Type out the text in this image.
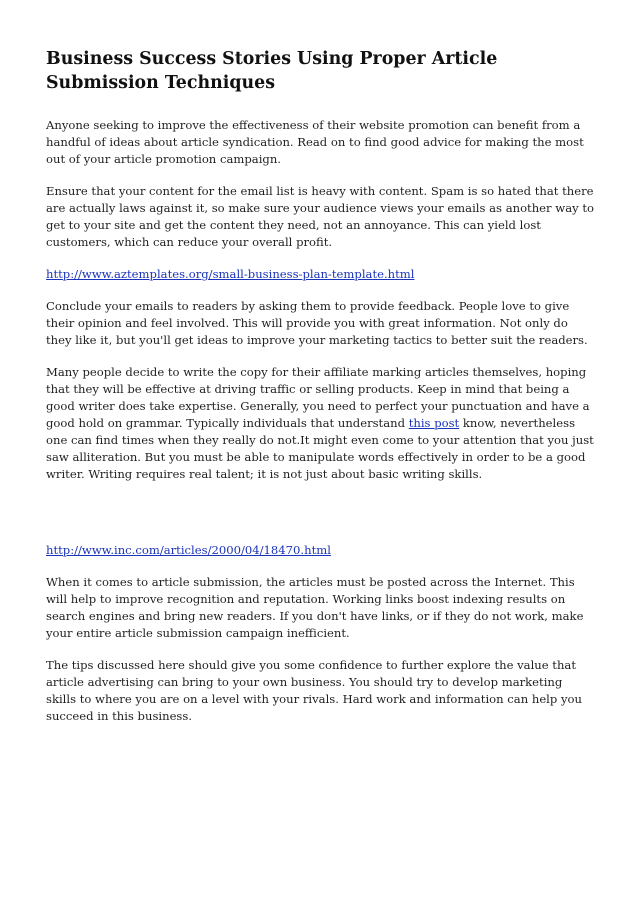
Business Success Stories Using Proper Article Submission Techniques

Anyone seeking to improve the effectiveness of their website promotion can benefit from a handful of ideas about article syndication. Read on to find good advice for making the most out of your article promotion campaign.

Ensure that your content for the email list is heavy with content. Spam is so hated that there are actually laws against it, so make sure your audience views your emails as another way to get to your site and get the content they need, not an annoyance. This can yield lost customers, which can reduce your overall profit.

http://www.aztemplates.org/small-business-plan-template.html

Conclude your emails to readers by asking them to provide feedback. People love to give their opinion and feel involved. This will provide you with great information. Not only do they like it, but you'll get ideas to improve your marketing tactics to better suit the readers.

Many people decide to write the copy for their affiliate marking articles themselves, hoping that they will be effective at driving traffic or selling products. Keep in mind that being a good writer does take expertise. Generally, you need to perfect your punctuation and have a good hold on grammar. Typically individuals that understand this post know, nevertheless one can find times when they really do not.It might even come to your attention that you just saw alliteration. But you must be able to manipulate words effectively in order to be a good writer. Writing requires real talent; it is not just about basic writing skills.

http://www.inc.com/articles/2000/04/18470.html

When it comes to article submission, the articles must be posted across the Internet. This will help to improve recognition and reputation. Working links boost indexing results on search engines and bring new readers. If you don't have links, or if they do not work, make your entire article submission campaign inefficient.

The tips discussed here should give you some confidence to further explore the value that article advertising can bring to your own business. You should try to develop marketing skills to where you are on a level with your rivals. Hard work and information can help you succeed in this business.
